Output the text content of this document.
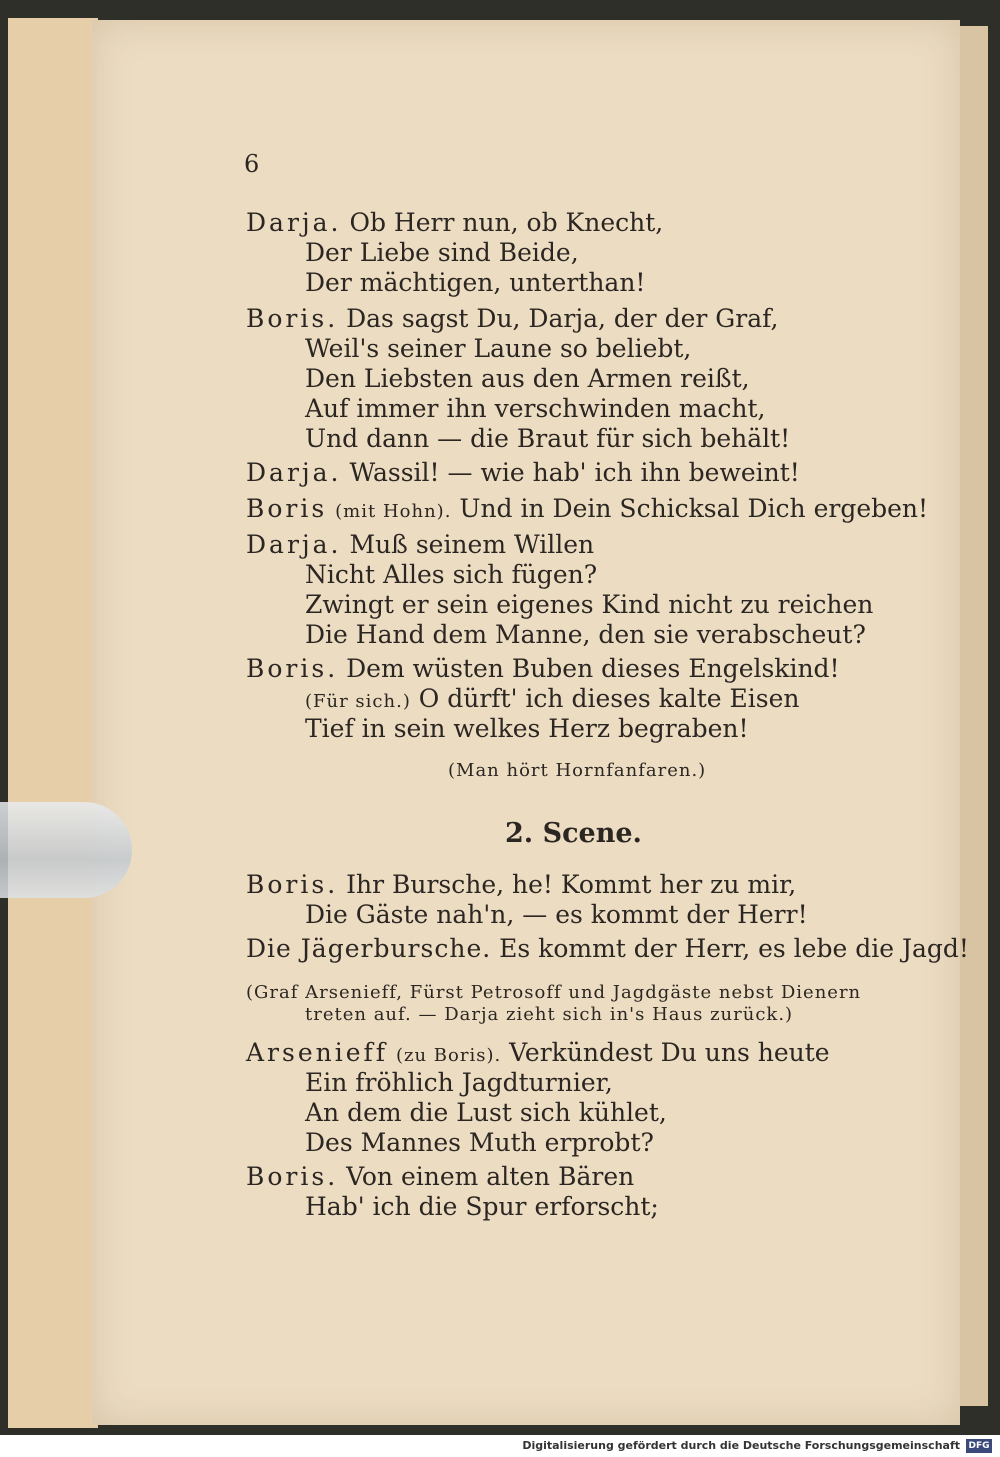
6
Darja. Ob Herr nun, ob Knecht,
Der Liebe sind Beide,
Der mächtigen, unterthan!
Boris. Das sagst Du, Darja, der der Graf,
Weil's seiner Laune so beliebt,
Den Liebsten aus den Armen reißt,
Auf immer ihn verschwinden macht,
Und dann — die Braut für sich behält!
Darja. Wassil! — wie hab' ich ihn beweint!
Boris (mit Hohn). Und in Dein Schicksal Dich ergeben!
Darja. Muß seinem Willen
Nicht Alles sich fügen?
Zwingt er sein eigenes Kind nicht zu reichen
Die Hand dem Manne, den sie verabscheut?
Boris. Dem wüsten Buben dieses Engelskind!
(Für sich.) O dürft' ich dieses kalte Eisen
Tief in sein welkes Herz begraben!
(Man hört Hornfanfaren.)
2. Scene.
Boris. Ihr Bursche, he! Kommt her zu mir,
Die Gäste nah'n, — es kommt der Herr!
Die Jägerbursche. Es kommt der Herr, es lebe die Jagd!
(Graf Arsenieff, Fürst Petrosoff und Jagdgäste nebst Dienern
treten auf. — Darja zieht sich in's Haus zurück.)
Arsenieff (zu Boris). Verkündest Du uns heute
Ein fröhlich Jagdturnier,
An dem die Lust sich kühlet,
Des Mannes Muth erprobt?
Boris. Von einem alten Bären
Hab' ich die Spur erforscht;
Digitalisierung gefördert durch die Deutsche Forschungsgemeinschaft DFG
